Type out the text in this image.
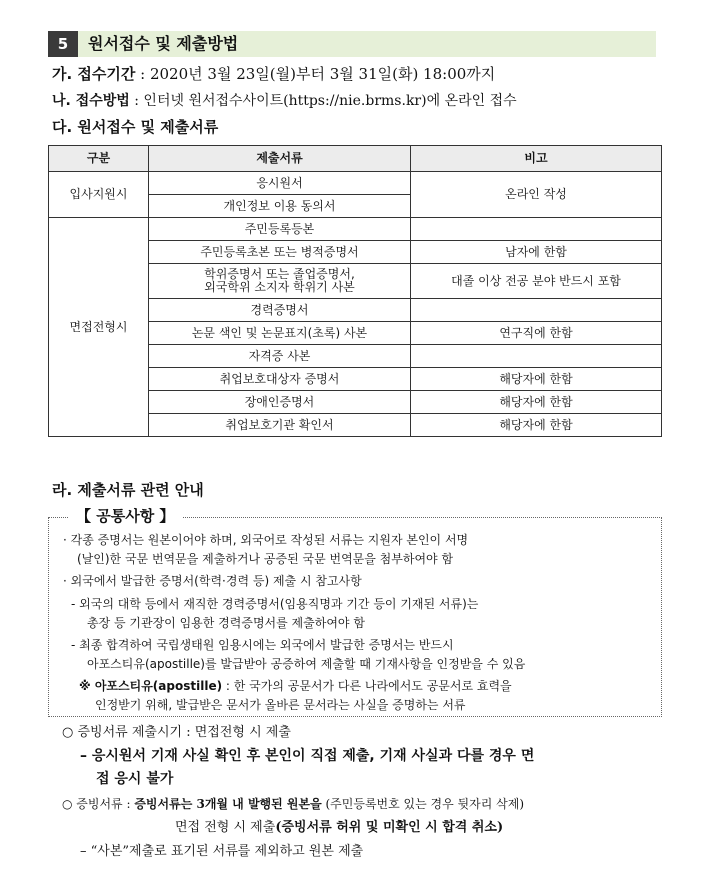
5	원서접수 및 제출방법
가. 접수기간 : 2020년 3월 23일(월)부터 3월 31일(화) 18:00까지
나. 접수방법 : 인터넷 원서접수사이트(https://nie.brms.kr)에 온라인 접수
다. 원서접수 및 제출서류
구분	제출서류	비고
입사지원시	응시원서	온라인 작성
	개인정보 이용 동의서	
면접전형시	주민등록등본	
	주민등록초본 또는 병적증명서	남자에 한함

	학위증명서 또는 졸업증명서,
외국학위 소지자 학위기 사본	대졸 이상 전공 분야 반드시 포함
	경력증명서	
	논문 색인 및 논문표지(초록) 사본	연구직에 한함
	자격증 사본	
	취업보호대상자 증명서	해당자에 한함
	장애인증명서	해당자에 한함
	취업보호기관 확인서	해당자에 한함
라. 제출서류 관련 안내
· 각종 증명서는 원본이어야 하며, 외국어로 작성된 서류는 지원자 본인이 서명
(날인)한 국문 번역문을 제출하거나 공증된 국문 번역문을 첨부하여야 함
· 외국에서 발급한 증명서(학력·경력 등) 제출 시 참고사항
- 외국의 대학 등에서 재직한 경력증명서(임용직명과 기간 등이 기재된 서류)는
총장 등 기관장이 임용한 경력증명서를 제출하여야 함
- 최종 합격하여 국립생태원 임용시에는 외국에서 발급한 증명서는 반드시
아포스티유(apostille)를 발급받아 공증하여 제출할 때 기재사항을 인정받을 수 있음
※ 아포스티유(apostille) : 한 국가의 공문서가 다른 나라에서도 공문서로 효력을
인정받기 위해, 발급받은 문서가 올바른 문서라는 사실을 증명하는 서류
【 공통사항 】
○ 증빙서류 제출시기 : 면접전형 시 제출
– 응시원서 기재 사실 확인 후 본인이 직접 제출, 기재 사실과 다를 경우 면
접 응시 불가
○ 증빙서류 : 증빙서류는 3개월 내 발행된 원본을 (주민등록번호 있는 경우 뒷자리 삭제)
면접 전형 시 제출(증빙서류 허위 및 미확인 시 합격 취소)
– “사본”제출로 표기된 서류를 제외하고 원본 제출
